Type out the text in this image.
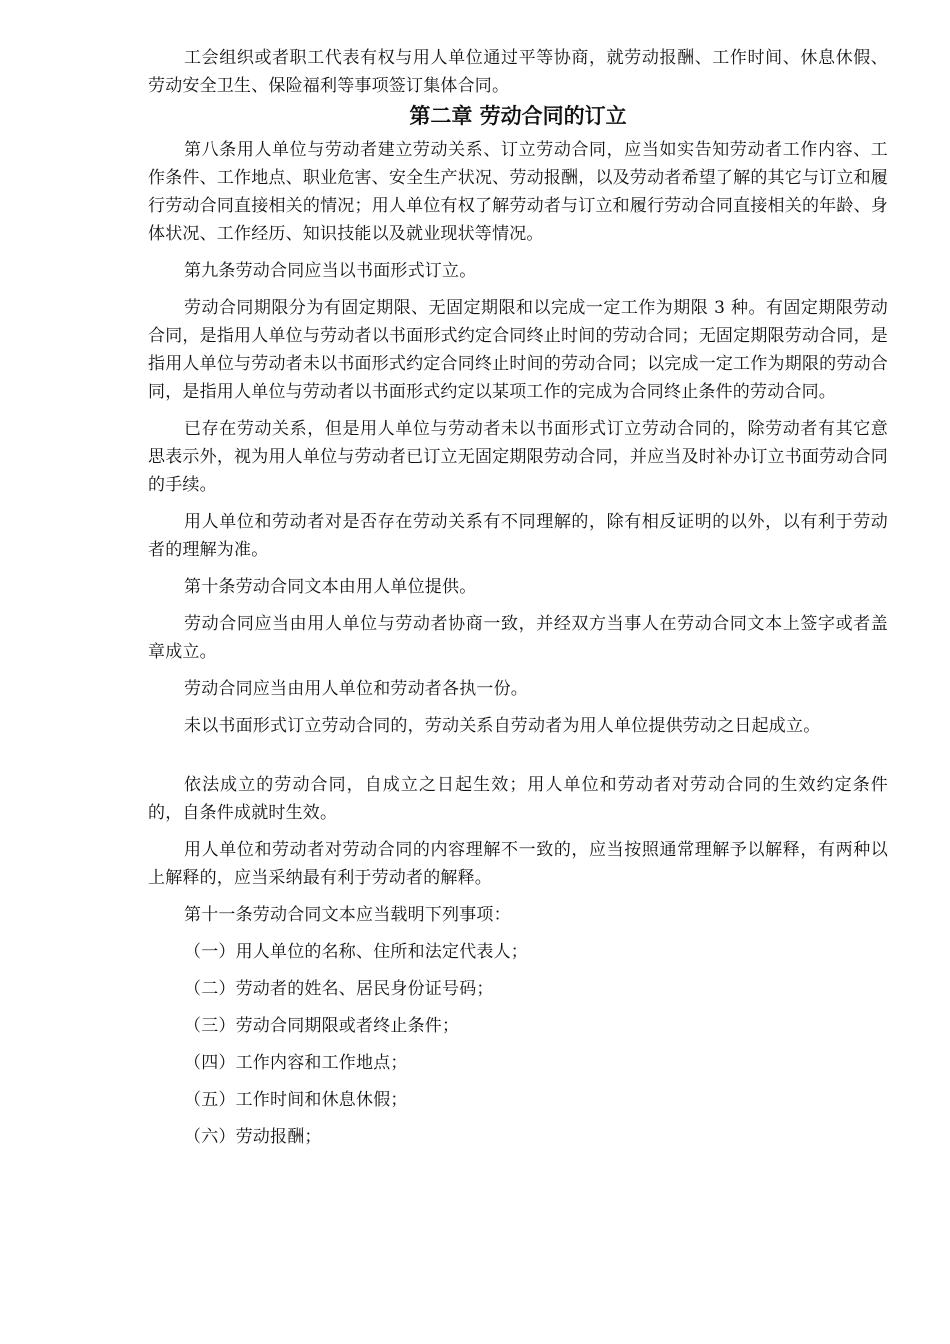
工会组织或者职工代表有权与用人单位通过平等协商，就劳动报酬、工作时间、休息休假、劳动安全卫生、保险福利等事项签订集体合同。

第二章 劳动合同的订立

第八条用人单位与劳动者建立劳动关系、订立劳动合同，应当如实告知劳动者工作内容、工作条件、工作地点、职业危害、安全生产状况、劳动报酬，以及劳动者希望了解的其它与订立和履行劳动合同直接相关的情况；用人单位有权了解劳动者与订立和履行劳动合同直接相关的年龄、身体状况、工作经历、知识技能以及就业现状等情况。

第九条劳动合同应当以书面形式订立。

劳动合同期限分为有固定期限、无固定期限和以完成一定工作为期限 3 种。有固定期限劳动合同，是指用人单位与劳动者以书面形式约定合同终止时间的劳动合同；无固定期限劳动合同，是指用人单位与劳动者未以书面形式约定合同终止时间的劳动合同；以完成一定工作为期限的劳动合同，是指用人单位与劳动者以书面形式约定以某项工作的完成为合同终止条件的劳动合同。

已存在劳动关系，但是用人单位与劳动者未以书面形式订立劳动合同的，除劳动者有其它意思表示外，视为用人单位与劳动者已订立无固定期限劳动合同，并应当及时补办订立书面劳动合同的手续。

用人单位和劳动者对是否存在劳动关系有不同理解的，除有相反证明的以外，以有利于劳动者的理解为准。

第十条劳动合同文本由用人单位提供。

劳动合同应当由用人单位与劳动者协商一致，并经双方当事人在劳动合同文本上签字或者盖章成立。

劳动合同应当由用人单位和劳动者各执一份。

未以书面形式订立劳动合同的，劳动关系自劳动者为用人单位提供劳动之日起成立。

依法成立的劳动合同，自成立之日起生效；用人单位和劳动者对劳动合同的生效约定条件的，自条件成就时生效。

用人单位和劳动者对劳动合同的内容理解不一致的，应当按照通常理解予以解释，有两种以上解释的，应当采纳最有利于劳动者的解释。

第十一条劳动合同文本应当载明下列事项：

（一）用人单位的名称、住所和法定代表人；

（二）劳动者的姓名、居民身份证号码；

（三）劳动合同期限或者终止条件；

（四）工作内容和工作地点；

（五）工作时间和休息休假；

（六）劳动报酬；
